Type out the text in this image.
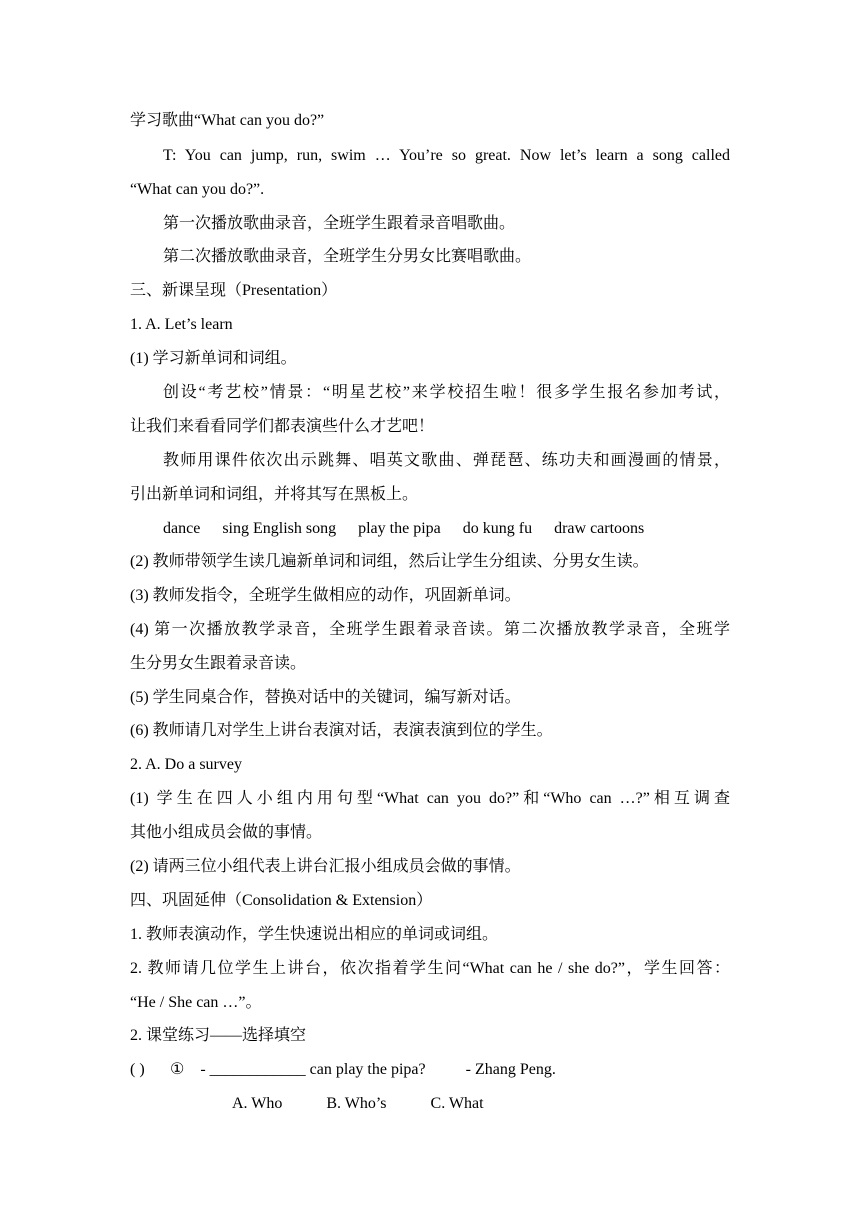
学习歌曲“What can you do?”
T: You can jump, run, swim … You’re so great. Now let’s learn a song called
“What can you do?”.
第一次播放歌曲录音，全班学生跟着录音唱歌曲。
第二次播放歌曲录音，全班学生分男女比赛唱歌曲。
三、新课呈现（Presentation）
1. A. Let’s learn
(1) 学习新单词和词组。
创设“考艺校”情景：“明星艺校”来学校招生啦！很多学生报名参加考试，
让我们来看看同学们都表演些什么才艺吧！
教师用课件依次出示跳舞、唱英文歌曲、弹琵琶、练功夫和画漫画的情景，
引出新单词和词组，并将其写在黑板上。
dance sing English song play the pipa do kung fu draw cartoons
(2) 教师带领学生读几遍新单词和词组，然后让学生分组读、分男女生读。
(3) 教师发指令，全班学生做相应的动作，巩固新单词。
(4) 第一次播放教学录音，全班学生跟着录音读。第二次播放教学录音，全班学
生分男女生跟着录音读。
(5) 学生同桌合作，替换对话中的关键词，编写新对话。
(6) 教师请几对学生上讲台表演对话，表演表演到位的学生。
2. A. Do a survey
(1) 学生在四人小组内用句型“What can you do?”和“Who can …?”相互调查
其他小组成员会做的事情。
(2) 请两三位小组代表上讲台汇报小组成员会做的事情。
四、巩固延伸（Consolidation & Extension）
1. 教师表演动作，学生快速说出相应的单词或词组。
2. 教师请几位学生上讲台，依次指着学生问“What can he / she do?”，学生回答：
“He / She can …”。
2. 课堂练习——选择填空
( ) ① - ____________ can play the pipa?	- Zhang Peng.
A. Who	B. Who’s	C. What
